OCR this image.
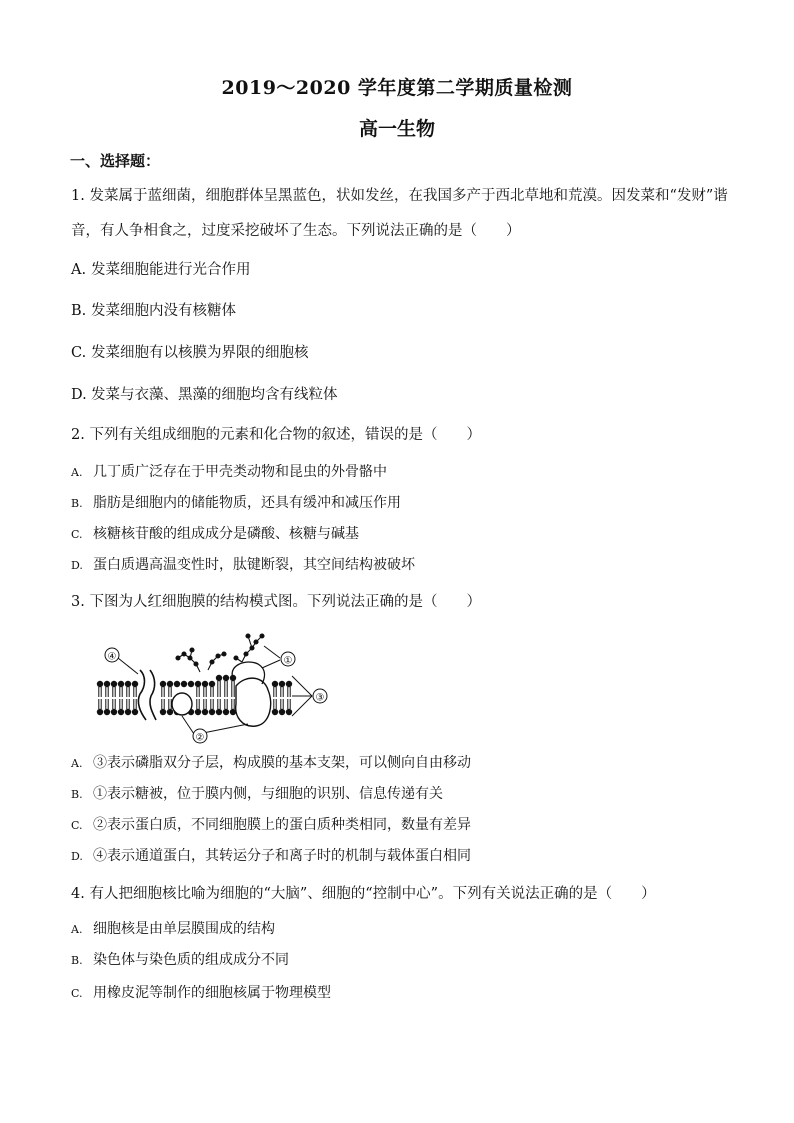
2019～2020 学年度第二学期质量检测
高一生物
一、选择题：
1. 发菜属于蓝细菌，细胞群体呈黑蓝色，状如发丝，在我国多产于西北草地和荒漠。因发菜和“发财”谐
音，有人争相食之，过度采挖破坏了生态。下列说法正确的是（　　）
A. 发菜细胞能进行光合作用
B. 发菜细胞内没有核糖体
C. 发菜细胞有以核膜为界限的细胞核
D. 发菜与衣藻、黑藻的细胞均含有线粒体
2. 下列有关组成细胞的元素和化合物的叙述，错误的是（　　）
A. 几丁质广泛存在于甲壳类动物和昆虫的外骨骼中
B. 脂肪是细胞内的储能物质，还具有缓冲和减压作用
C. 核糖核苷酸的组成成分是磷酸、核糖与碱基
D. 蛋白质遇高温变性时，肽键断裂，其空间结构被破坏
3. 下图为人红细胞膜的结构模式图。下列说法正确的是（　　）
①
②
③
④
A. ③表示磷脂双分子层，构成膜的基本支架，可以侧向自由移动
B. ①表示糖被，位于膜内侧，与细胞的识别、信息传递有关
C. ②表示蛋白质，不同细胞膜上的蛋白质种类相同，数量有差异
D. ④表示通道蛋白，其转运分子和离子时的机制与载体蛋白相同
4. 有人把细胞核比喻为细胞的“大脑”、细胞的“控制中心”。下列有关说法正确的是（　　）
A. 细胞核是由单层膜围成的结构
B. 染色体与染色质的组成成分不同
C. 用橡皮泥等制作的细胞核属于物理模型
